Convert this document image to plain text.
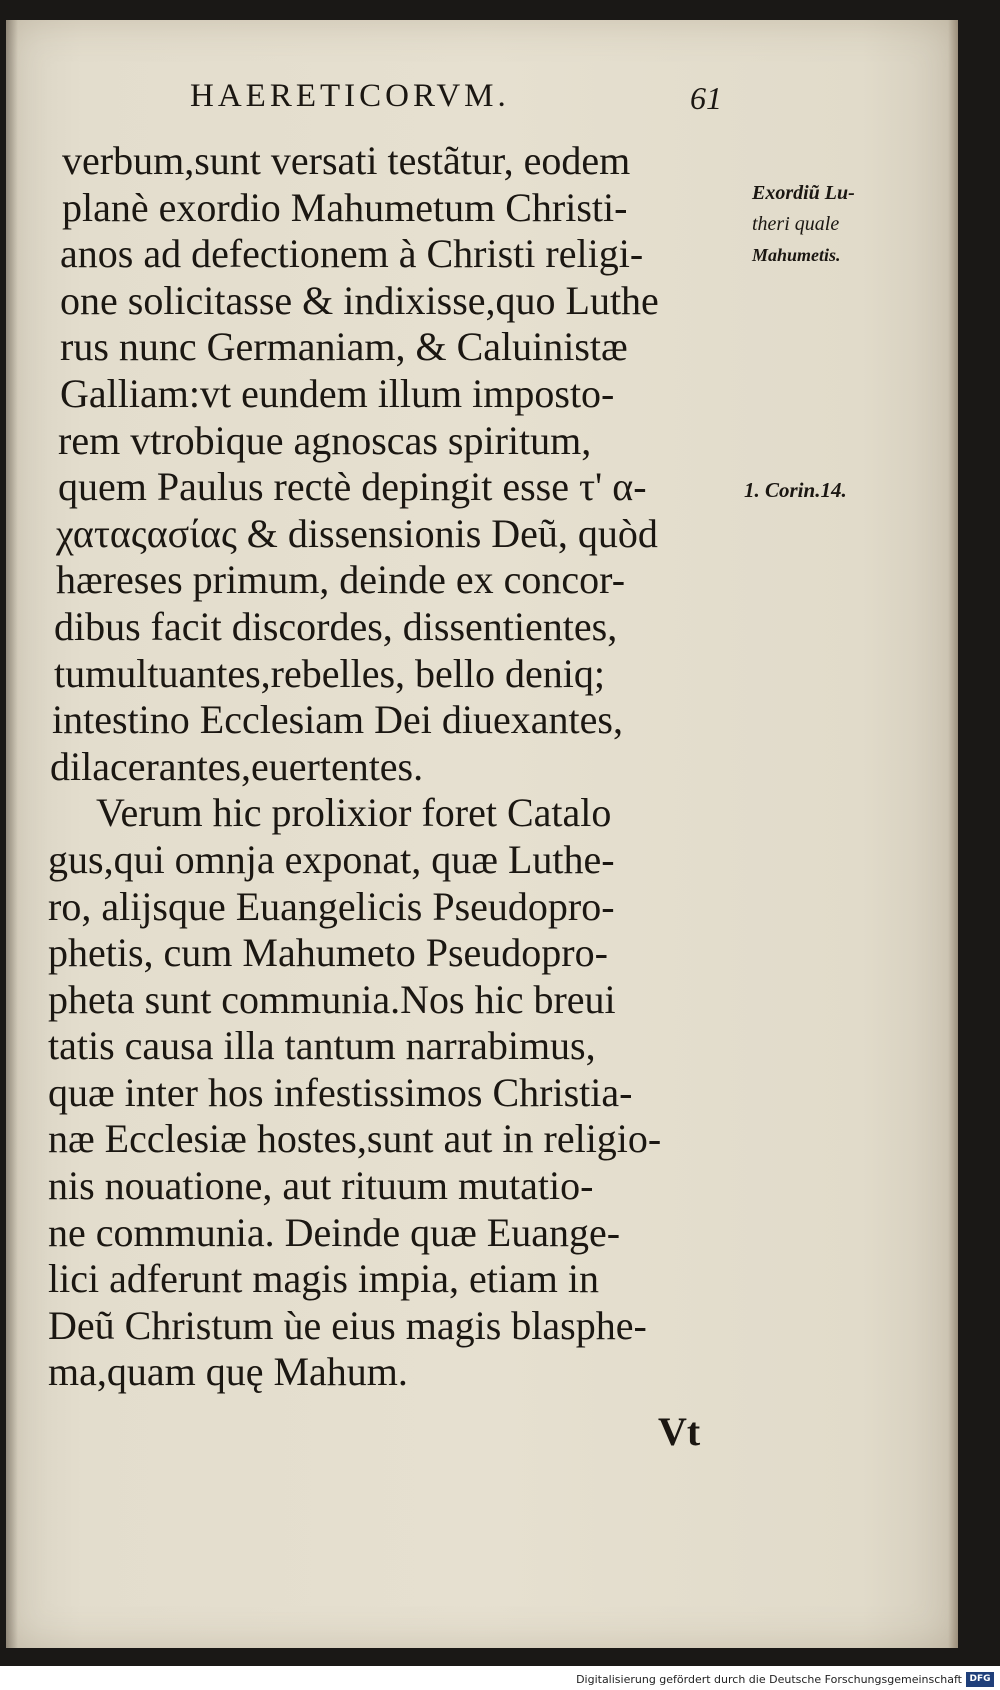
HAERETICORVM.	61
verbum,sunt versati testãtur, eodem
planè exordio Mahumetum Christi-
anos ad defectionem à Christi religi-
one solicitasse & indixisse,quo Luthe
rus nunc Germaniam, & Caluinistæ
Galliam:vt eundem illum imposto-
rem vtrobique agnoscas spiritum,
quem Paulus rectè depingit esse τ' α-
χαταςασίας & dissensionis Deũ, quòd
hæreses primum, deinde ex concor-
dibus facit discordes, dissentientes,
tumultuantes,rebelles, bello deniq;
intestino Ecclesiam Dei diuexantes,
dilacerantes,euertentes.
Verum hic prolixior foret Catalo
gus,qui omnja exponat, quæ Luthe-
ro, alijsque Euangelicis Pseudopro-
phetis, cum Mahumeto Pseudopro-
pheta sunt communia.Nos hic breui
tatis causa illa tantum narrabimus,
quæ inter hos infestissimos Christia-
næ Ecclesiæ hostes,sunt aut in religio-
nis nouatione, aut rituum mutatio-
ne communia. Deinde quæ Euange-
lici adferunt magis impia, etiam in
Deũ Christum ùe eius magis blasphe-
ma,quam quę Mahum.
Exordiũ Lu-
theri quale
Mahumetis.
1. Corin.14.
Vt
Digitalisierung gefördert durch die Deutsche Forschungsgemeinschaft DFG
